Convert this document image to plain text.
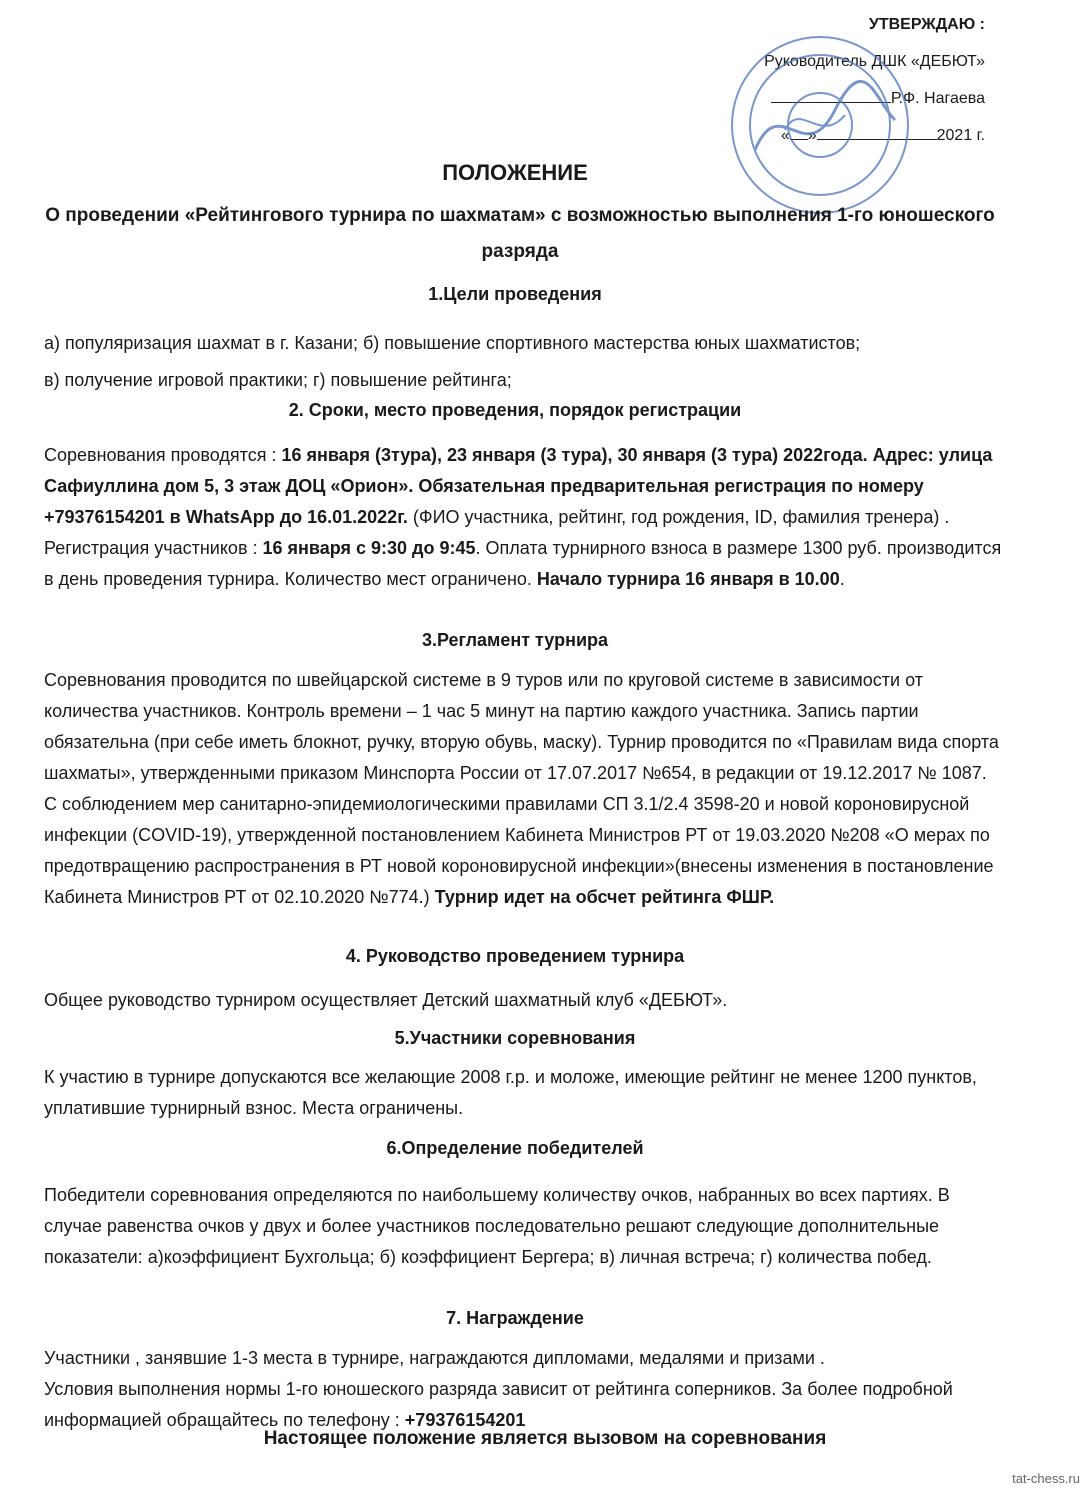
УТВЕРЖДАЮ :
Руководитель ДШК «ДЕБЮТ»
Р.Ф. Нагаева
« »	2021 г.
ПОЛОЖЕНИЕ
О проведении «Рейтингового турнира по шахматам» с возможностью выполнения 1-го юношеского разряда
1.Цели проведения
а) популяризация шахмат в г. Казани; б) повышение спортивного мастерства юных шахматистов;
в) получение игровой практики; г) повышение рейтинга;
2. Сроки, место проведения, порядок регистрации
Соревнования проводятся : 16 января (3тура), 23 января (3 тура), 30 января (3 тура) 2022года. Адрес: улица Сафиуллина дом 5, 3 этаж ДОЦ «Орион». Обязательная предварительная регистрация по номеру +79376154201 в WhatsApp до 16.01.2022г. (ФИО участника, рейтинг, год рождения, ID, фамилия тренера) . Регистрация участников : 16 января с 9:30 до 9:45. Оплата турнирного взноса в размере 1300 руб. производится в день проведения турнира. Количество мест ограничено. Начало турнира 16 января в 10.00.
3.Регламент турнира
Соревнования проводится по швейцарской системе в 9 туров или по круговой системе в зависимости от количества участников. Контроль времени – 1 час 5 минут на партию каждого участника. Запись партии обязательна (при себе иметь блокнот, ручку, вторую обувь, маску). Турнир проводится по «Правилам вида спорта шахматы», утвержденными приказом Минспорта России от 17.07.2017 №654, в редакции от 19.12.2017 № 1087. С соблюдением мер санитарно-эпидемиологическими правилами СП 3.1/2.4 3598-20 и новой короновирусной инфекции (COVID-19), утвержденной постановлением Кабинета Министров РТ от 19.03.2020 №208 «О мерах по предотвращению распространения в РТ новой короновирусной инфекции»(внесены изменения в постановление Кабинета Министров РТ от 02.10.2020 №774.) Турнир идет на обсчет рейтинга ФШР.
4. Руководство проведением турнира
Общее руководство турниром осуществляет Детский шахматный клуб «ДЕБЮТ».
5.Участники соревнования
К участию в турнире допускаются все желающие 2008 г.р. и моложе, имеющие рейтинг не менее 1200 пунктов, уплатившие турнирный взнос. Места ограничены.
6.Определение победителей
Победители соревнования определяются по наибольшему количеству очков, набранных во всех партиях. В случае равенства очков у двух и более участников последовательно решают следующие дополнительные показатели: а)коэффициент Бухгольца; б) коэффициент Бергера; в) личная встреча; г) количества побед.
7. Награждение
Участники , занявшие 1-3 места в турнире, награждаются дипломами, медалями и призами .
Условия выполнения нормы 1-го юношеского разряда зависит от рейтинга соперников. За более подробной информацией обращайтесь по телефону : +79376154201
Настоящее положение является вызовом на соревнования
tat-chess.ru
